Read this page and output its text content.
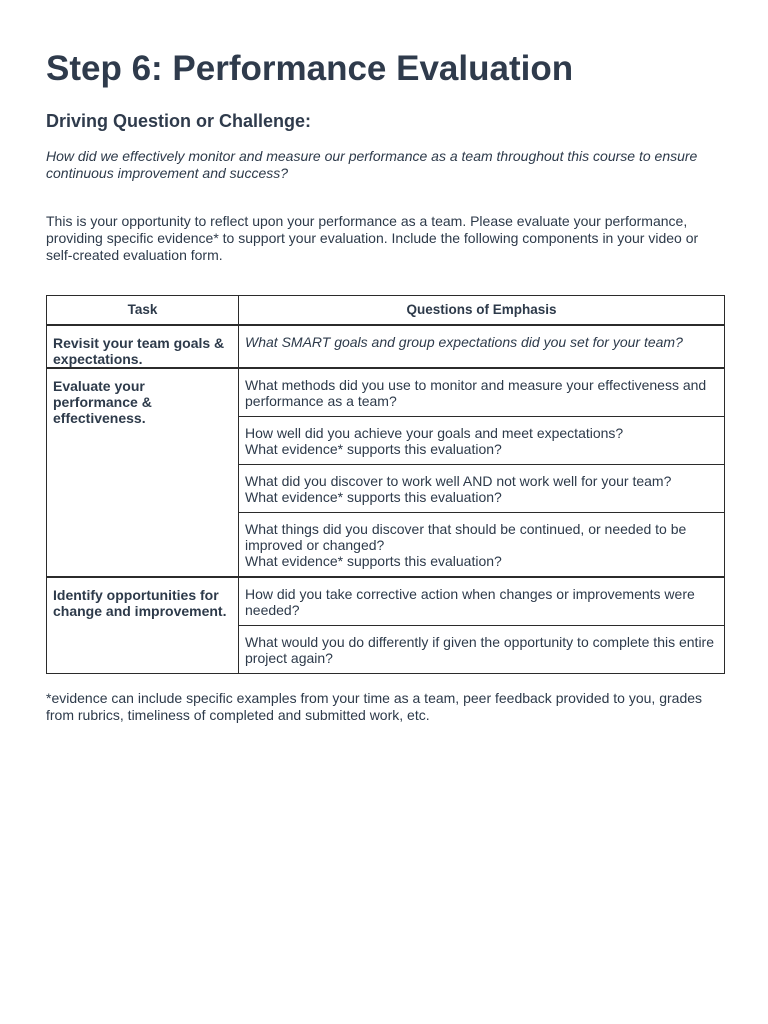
Step 6: Performance Evaluation
Driving Question or Challenge:

How did we effectively monitor and measure our performance as a team throughout this course to ensure continuous improvement and success?

This is your opportunity to reflect upon your performance as a team. Please evaluate your performance, providing specific evidence* to support your evaluation. Include the following components in your video or self-created evaluation form.

Task	Questions of Emphasis
Revisit your team goals & expectations.	What SMART goals and group expectations did you set for your team?

Evaluate your performance & effectiveness.	What methods did you use to monitor and measure your effectiveness and performance as a team?

	How well did you achieve your goals and meet expectations?
What evidence* supports this evaluation?

	What did you discover to work well AND not work well for your team?
What evidence* supports this evaluation?

	What things did you discover that should be continued, or needed to be improved or changed?
What evidence* supports this evaluation?

Identify opportunities for change and improvement.	How did you take corrective action when changes or improvements were needed?

	What would you do differently if given the opportunity to complete this entire project again?

*evidence can include specific examples from your time as a team, peer feedback provided to you, grades from rubrics, timeliness of completed and submitted work, etc.
